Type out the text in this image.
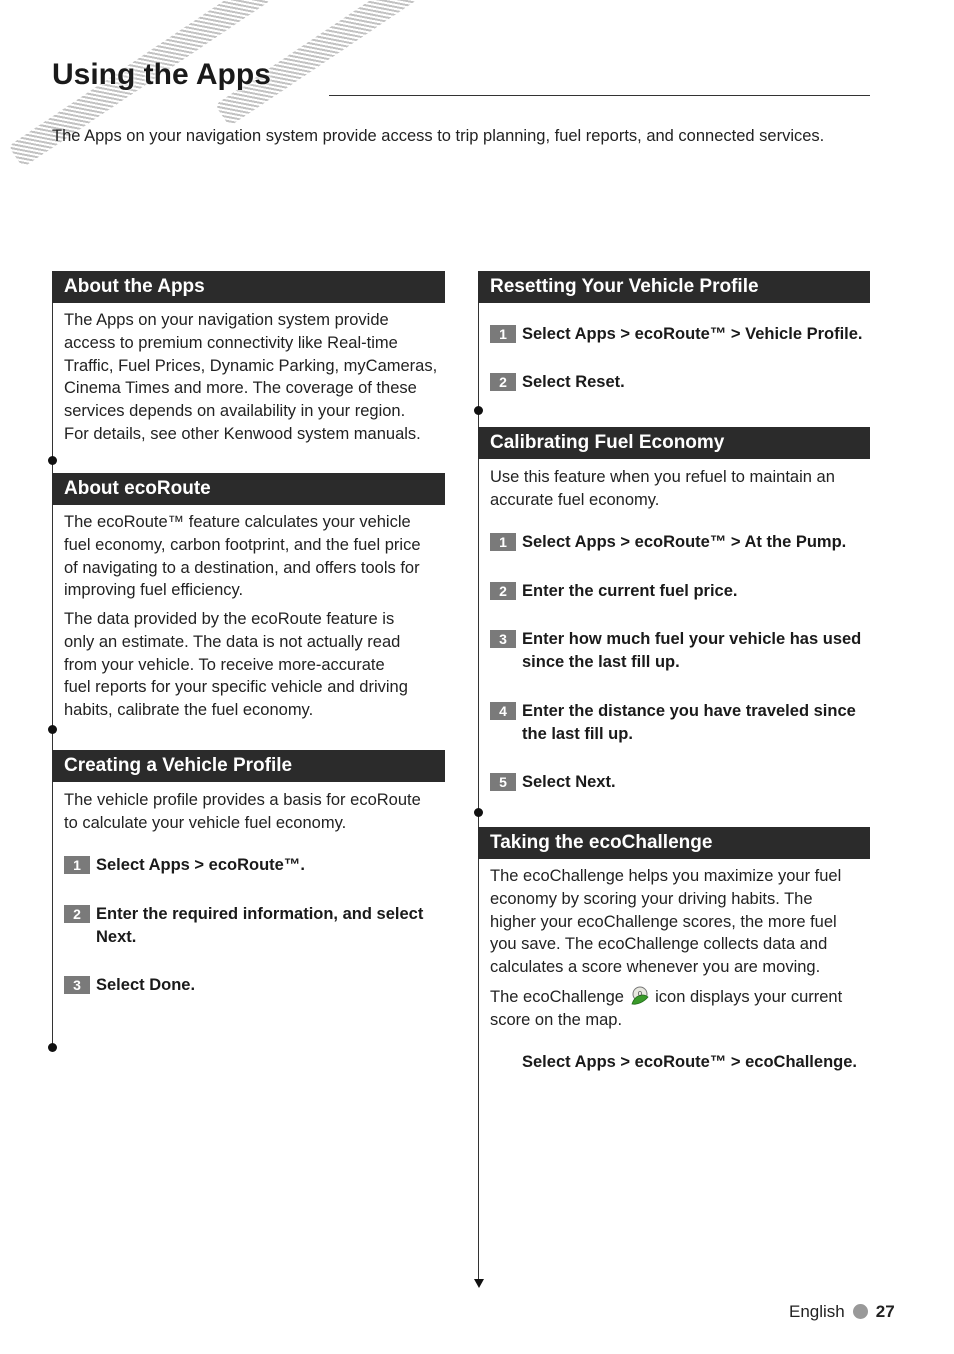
Using the Apps

The Apps on your navigation system provide access to trip planning, fuel reports, and connected services.

About the Apps
The Apps on your navigation system provide
access to premium connectivity like Real-time
Traffic, Fuel Prices, Dynamic Parking, myCameras,
Cinema Times and more. The coverage of these
services depends on availability in your region.
For details, see other Kenwood system manuals.
About ecoRoute
The ecoRoute™ feature calculates your vehicle
fuel economy, carbon footprint, and the fuel price
of navigating to a destination, and offers tools for
improving fuel efficiency.
The data provided by the ecoRoute feature is
only an estimate. The data is not actually read
from your vehicle. To receive more-accurate
fuel reports for your specific vehicle and driving
habits, calibrate the fuel economy.
Creating a Vehicle Profile
The vehicle profile provides a basis for ecoRoute
to calculate your vehicle fuel economy.
1 Select Apps > ecoRoute™.
2 Enter the required information, and select
Next.
3 Select Done.
Resetting Your Vehicle Profile
1 Select Apps > ecoRoute™ > Vehicle Profile.
2 Select Reset.
Calibrating Fuel Economy
Use this feature when you refuel to maintain an
accurate fuel economy.
1 Select Apps > ecoRoute™ > At the Pump.
2 Enter the current fuel price.
3 Enter how much fuel your vehicle has used
since the last fill up.
4 Enter the distance you have traveled since
the last fill up.
5 Select Next.
Taking the ecoChallenge
The ecoChallenge helps you maximize your fuel
economy by scoring your driving habits. The
higher your ecoChallenge scores, the more fuel
you save. The ecoChallenge collects data and
calculates a score whenever you are moving.
The ecoChallenge 0 icon displays your current
score on the map.
Select Apps > ecoRoute™ > ecoChallenge.
English 27
